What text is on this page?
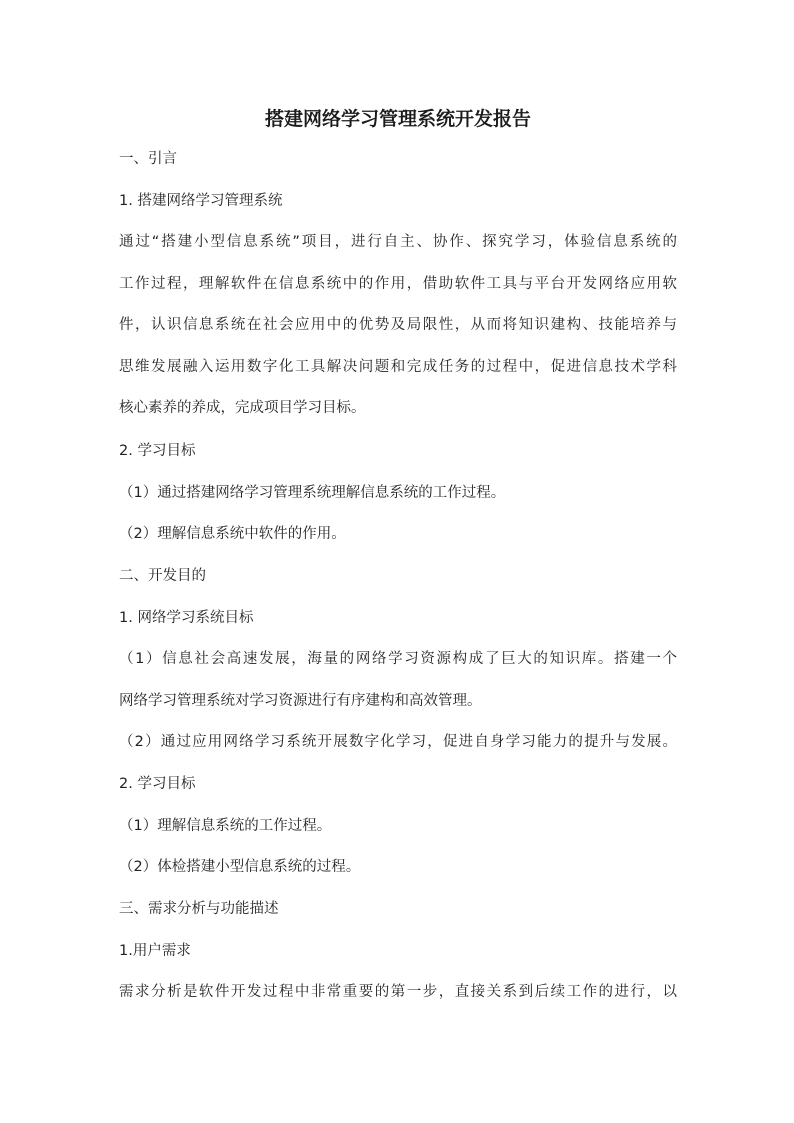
搭建网络学习管理系统开发报告
一、引言
1. 搭建网络学习管理系统
通过“搭建小型信息系统”项目，进行自主、协作、探究学习，体验信息系统的
工作过程，理解软件在信息系统中的作用，借助软件工具与平台开发网络应用软
件，认识信息系统在社会应用中的优势及局限性，从而将知识建构、技能培养与
思维发展融入运用数字化工具解决问题和完成任务的过程中，促进信息技术学科
核心素养的养成，完成项目学习目标。
2. 学习目标
（1）通过搭建网络学习管理系统理解信息系统的工作过程。
（2）理解信息系统中软件的作用。
二、开发目的
1. 网络学习系统目标
（1）信息社会高速发展，海量的网络学习资源构成了巨大的知识库。搭建一个
网络学习管理系统对学习资源进行有序建构和高效管理。
（2）通过应用网络学习系统开展数字化学习，促进自身学习能力的提升与发展。
2. 学习目标
（1）理解信息系统的工作过程。
（2）体检搭建小型信息系统的过程。
三、需求分析与功能描述
1.用户需求
需求分析是软件开发过程中非常重要的第一步，直接关系到后续工作的进行，以
